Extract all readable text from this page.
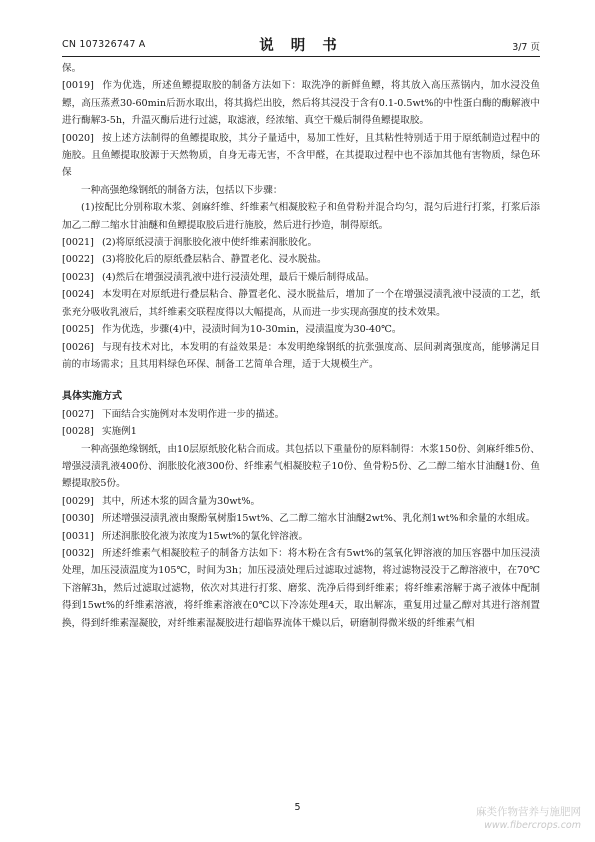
CN 107326747 A	说 明 书	3/7 页

保。

[0019] 作为优选，所述鱼鳔提取胶的制备方法如下：取洗净的新鲜鱼鳔，将其放入高压蒸锅内，加水浸没鱼鳔，高压蒸煮30-60min后沥水取出，将其捣烂出胶，然后将其浸没于含有0.1-0.5wt%的中性蛋白酶的酶解液中进行酶解3-5h，升温灭酶后进行过滤，取滤液，经浓缩、真空干燥后制得鱼鳔提取胶。

[0020] 按上述方法制得的鱼鳔提取胶，其分子量适中，易加工性好，且其粘性特别适于用于原纸制造过程中的施胶。且鱼鳔提取胶源于天然物质，自身无毒无害，不含甲醛，在其提取过程中也不添加其他有害物质，绿色环保

一种高强绝缘钢纸的制备方法，包括以下步骤：

(1)按配比分别称取木浆、剑麻纤维、纤维素气相凝胶粒子和鱼骨粉并混合均匀，混匀后进行打浆，打浆后添加乙二醇二缩水甘油醚和鱼鳔提取胶后进行施胶，然后进行抄造，制得原纸。

[0021] (2)将原纸浸渍于润胀胶化液中使纤维素润胀胶化。

[0022] (3)将胶化后的原纸叠层粘合、静置老化、浸水脱盐。

[0023] (4)然后在增强浸渍乳液中进行浸渍处理，最后干燥后制得成品。

[0024] 本发明在对原纸进行叠层粘合、静置老化、浸水脱盐后，增加了一个在增强浸渍乳液中浸渍的工艺，纸张充分吸收乳液后，其纤维素交联程度得以大幅提高，从而进一步实现高强度的技术效果。

[0025] 作为优选，步骤(4)中，浸渍时间为10-30min，浸渍温度为30-40℃。

[0026] 与现有技术对比，本发明的有益效果是：本发明绝缘钢纸的抗张强度高、层间剥离强度高，能够满足目前的市场需求；且其用料绿色环保、制备工艺简单合理，适于大规模生产。

具体实施方式

[0027] 下面结合实施例对本发明作进一步的描述。

[0028] 实施例1

一种高强绝缘钢纸，由10层原纸胶化粘合而成。其包括以下重量份的原料制得：木浆150份、剑麻纤维5份、增强浸渍乳液400份、润胀胶化液300份、纤维素气相凝胶粒子10份、鱼骨粉5份、乙二醇二缩水甘油醚1份、鱼鳔提取胶5份。

[0029] 其中，所述木浆的固含量为30wt%。

[0030] 所述增强浸渍乳液由聚酚氧树脂15wt%、乙二醇二缩水甘油醚2wt%、乳化剂1wt%和余量的水组成。

[0031] 所述润胀胶化液为浓度为15wt%的氯化锌溶液。

[0032] 所述纤维素气相凝胶粒子的制备方法如下：将木粉在含有5wt%的氢氧化钾溶液的加压容器中加压浸渍处理，加压浸渍温度为105℃，时间为3h；加压浸渍处理后过滤取过滤物，将过滤物浸没于乙醇溶液中，在70℃下溶解3h，然后过滤取过滤物，依次对其进行打浆、磨浆、洗净后得到纤维素；将纤维素溶解于离子液体中配制得到15wt%的纤维素溶液，将纤维素溶液在0℃以下冷冻处理4天，取出解冻，重复用过量乙醇对其进行溶剂置换，得到纤维素湿凝胶，对纤维素湿凝胶进行超临界流体干燥以后，研磨制得微米级的纤维素气相

5	麻类作物营养与施肥网
www.fibercrops.com
